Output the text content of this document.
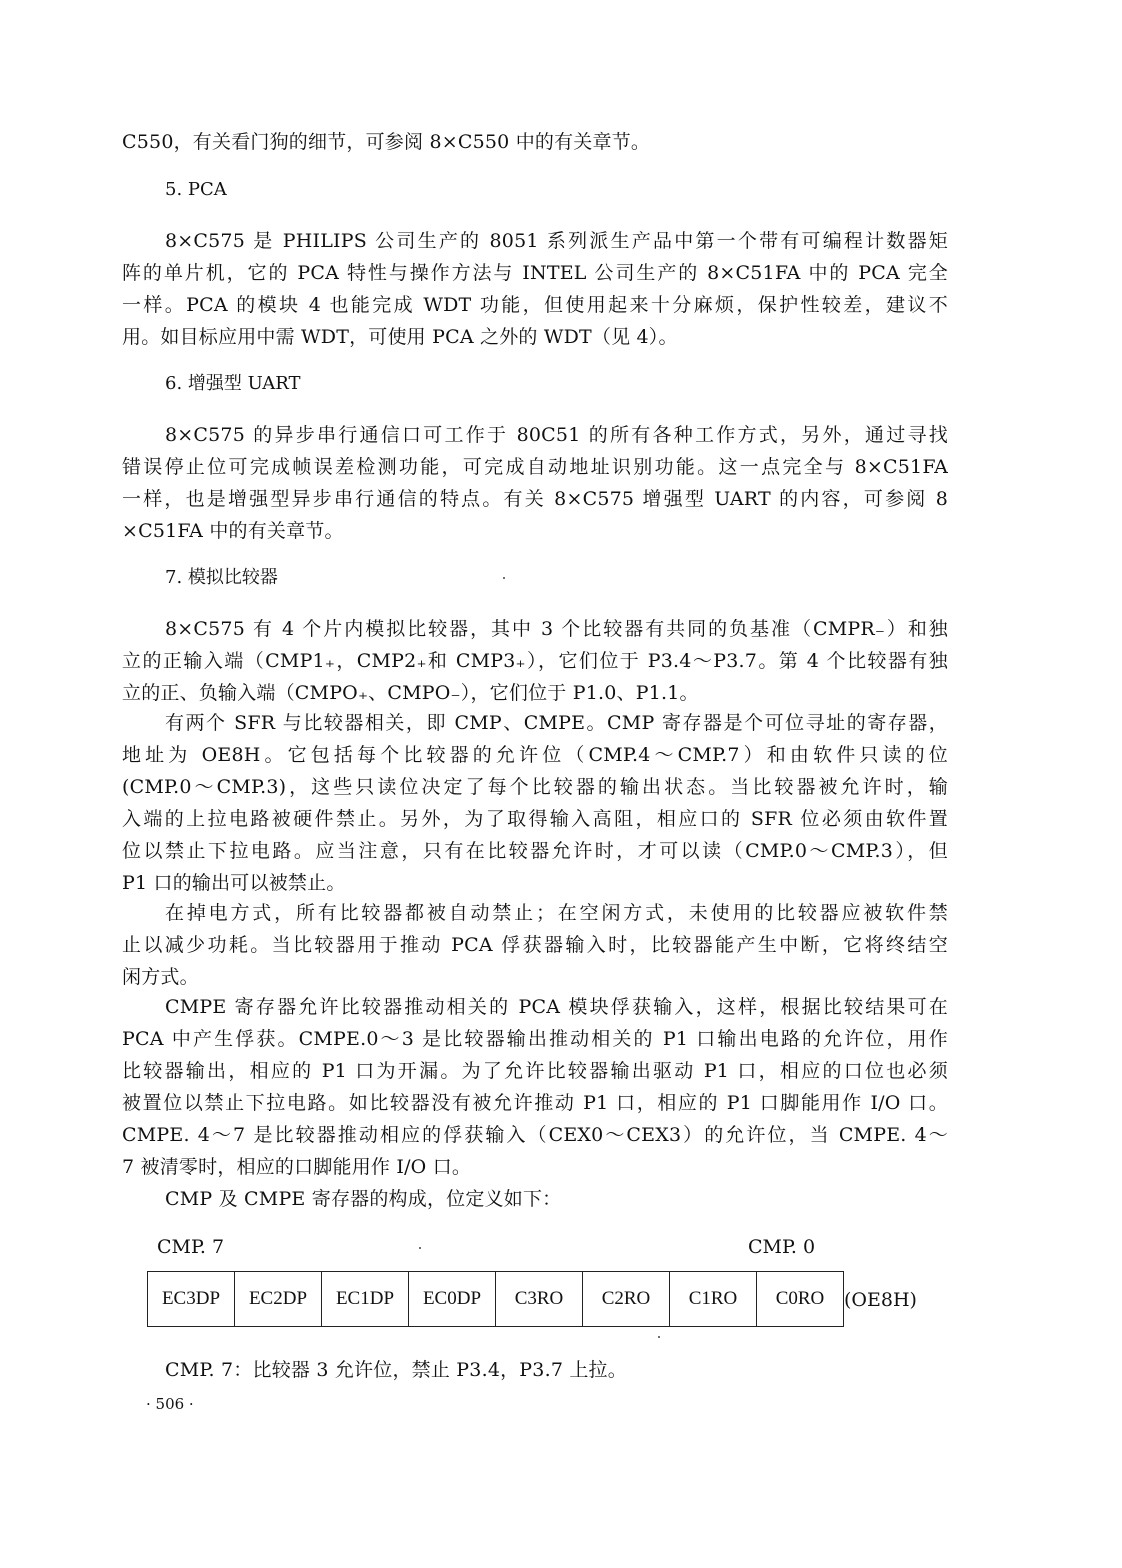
C550，有关看门狗的细节，可参阅 8×C550 中的有关章节。
5. PCA
8×C575 是 PHILIPS 公司生产的 8051 系列派生产品中第一个带有可编程计数器矩
阵的单片机，它的 PCA 特性与操作方法与 INTEL 公司生产的 8×C51FA 中的 PCA 完全
一样。PCA 的模块 4 也能完成 WDT 功能，但使用起来十分麻烦，保护性较差，建议不
用。如目标应用中需 WDT，可使用 PCA 之外的 WDT（见 4）。
6. 增强型 UART
8×C575 的异步串行通信口可工作于 80C51 的所有各种工作方式，另外，通过寻找
错误停止位可完成帧误差检测功能，可完成自动地址识别功能。这一点完全与 8×C51FA
一样，也是增强型异步串行通信的特点。有关 8×C575 增强型 UART 的内容，可参阅 8
×C51FA 中的有关章节。
7. 模拟比较器
8×C575 有 4 个片内模拟比较器，其中 3 个比较器有共同的负基准（CMPR₋）和独
立的正输入端（CMP1₊，CMP2₊和 CMP3₊），它们位于 P3.4～P3.7。第 4 个比较器有独
立的正、负输入端（CMPO₊、CMPO₋），它们位于 P1.0、P1.1。
有两个 SFR 与比较器相关，即 CMP、CMPE。CMP 寄存器是个可位寻址的寄存器，
地址为 OE8H。它包括每个比较器的允许位（CMP.4～CMP.7）和由软件只读的位
(CMP.0～CMP.3)，这些只读位决定了每个比较器的输出状态。当比较器被允许时，输
入端的上拉电路被硬件禁止。另外，为了取得输入高阻，相应口的 SFR 位必须由软件置
位以禁止下拉电路。应当注意，只有在比较器允许时，才可以读（CMP.0～CMP.3），但
P1 口的输出可以被禁止。
在掉电方式，所有比较器都被自动禁止；在空闲方式，未使用的比较器应被软件禁
止以减少功耗。当比较器用于推动 PCA 俘获器输入时，比较器能产生中断，它将终结空
闲方式。
CMPE 寄存器允许比较器推动相关的 PCA 模块俘获输入，这样，根据比较结果可在
PCA 中产生俘获。CMPE.0～3 是比较器输出推动相关的 P1 口输出电路的允许位，用作
比较器输出，相应的 P1 口为开漏。为了允许比较器输出驱动 P1 口，相应的口位也必须
被置位以禁止下拉电路。如比较器没有被允许推动 P1 口，相应的 P1 口脚能用作 I/O 口。
CMPE. 4～7 是比较器推动相应的俘获输入（CEX0～CEX3）的允许位，当 CMPE. 4～
7 被清零时，相应的口脚能用作 I/O 口。
CMP 及 CMPE 寄存器的构成，位定义如下：
CMP. 7	CMP. 0
EC3DP	EC2DP	EC1DP	EC0DP	C3RO	C2RO	C1RO	C0RO (OE8H)
CMP. 7：比较器 3 允许位，禁止 P3.4，P3.7 上拉。
· 506 ·
